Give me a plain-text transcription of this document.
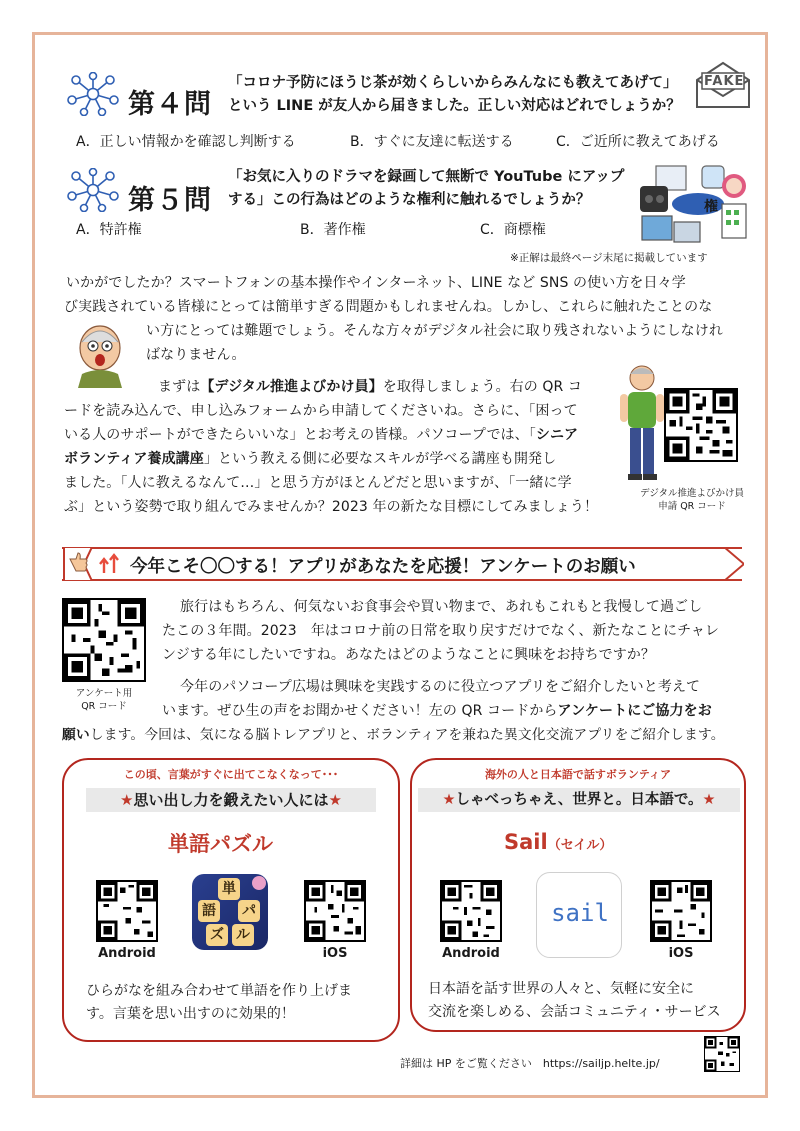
第４問
「コロナ予防にほうじ茶が効くらしいからみんなにも教えてあげて」
という LINE が友人から届きました。正しい対応はどれでしょうか？
FAKE
A．正しい情報かを確認し判断する	B．すぐに友達に転送する	C．ご近所に教えてあげる
第５問
「お気に入りのドラマを録画して無断で YouTube にアップ
する」この行為はどのような権利に触れるでしょうか？	権
A．特許権	B．著作権	C．商標権
※正解は最終ページ末尾に掲載しています
いかがでしたか？スマートフォンの基本操作やインターネット、LINE など SNS の使い方を日々学
び実践されている皆様にとっては簡単すぎる問題かもしれませんね。しかし、これらに触れたことのな
い方にとっては難題でしょう。そんな方々がデジタル社会に取り残されないようにしなけれ
ばなりません。
まずは【デジタル推進よびかけ員】を取得しましょう。右の QR コ
ードを読み込んで、申し込みフォームから申請してくださいね。さらに、「困って
いる人のサポートができたらいいな」とお考えの皆様。パソコープでは、「シニア
ボランティア養成講座」という教える側に必要なスキルが学べる講座も開発し
ました。「人に教えるなんて…」と思う方がほとんどだと思いますが、「一緒に学
ぶ」という姿勢で取り組んでみませんか？2023 年の新たな目標にしてみましょう！
デジタル推進よびかけ員
申請 QR コード
今年こそ〇〇する！アプリがあなたを応援！アンケートのお願い
アンケート用
QR コード
旅行はもちろん、何気ないお食事会や買い物まで、あれもこれもと我慢して過ごし
たこの３年間。2023　年はコロナ前の日常を取り戻すだけでなく、新たなことにチャレ
ンジする年にしたいですね。あなたはどのようなことに興味をお持ちですか？
今年のパソコープ広場は興味を実践するのに役立つアプリをご紹介したいと考えて
います。ぜひ生の声をお聞かせください！左の QR コードからアンケートにご協力をお
願いします。今回は、気になる脳トレアプリと、ボランティアを兼ねた異文化交流アプリをご紹介します。
この頃、言葉がすぐに出てこなくなって･･･
★思い出し力を鍛えたい人には★
単語パズル
Android
単
語 パ
ズ ル
iOS
ひらがなを組み合わせて単語を作り上げま
す。言葉を思い出すのに効果的！
海外の人と日本語で話すボランティア
★しゃべっちゃえ、世界と。日本語で。★
Sail（セイル）
Android
sail
iOS
日本語を話す世界の人々と、気軽に安全に
交流を楽しめる、会話コミュニティ・サービス
詳細は HP をご覧ください　https://sailjp.helte.jp/
